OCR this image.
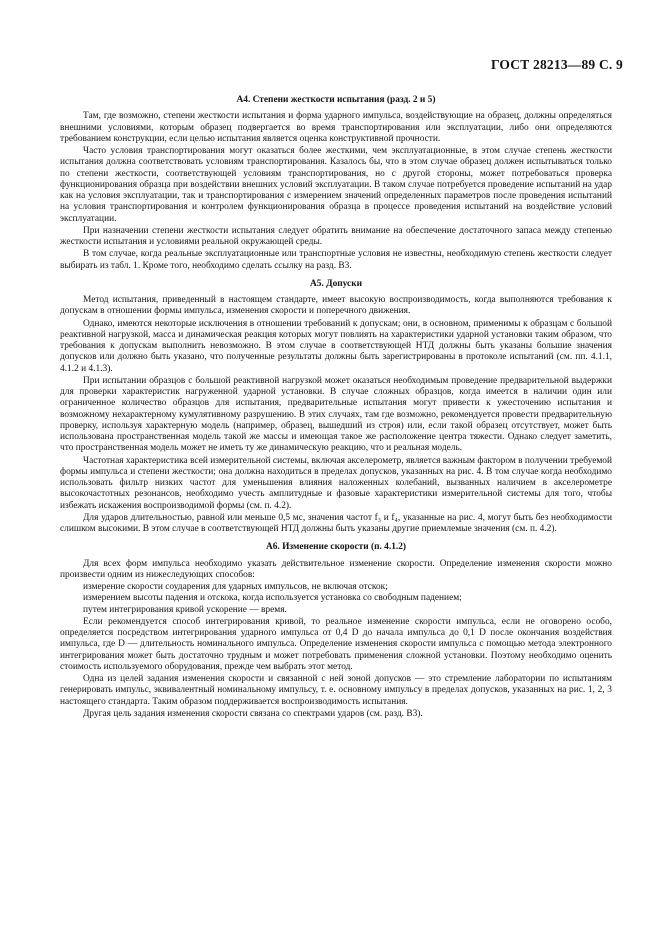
ГОСТ 28213—89 С. 9
А4. Степени жесткости испытания (разд. 2 и 5)

Там, где возможно, степени жесткости испытания и форма ударного импульса, воздействующие на образец, должны определяться внешними условиями, которым образец подвергается во время транспортирования или эксплуатации, либо они определяются требованием конструкции, если целью испытания является оценка конструктивной прочности.

Часто условия транспортирования могут оказаться более жесткими, чем эксплуатационные, в этом случае степень жесткости испытания должна соответствовать условиям транспортирования. Казалось бы, что в этом случае образец должен испытываться только по степени жесткости, соответствующей условиям транспортирования, но с другой стороны, может потребоваться проверка функционирования образца при воздействии внешних условий эксплуатации. В таком случае потребуется проведение испытаний на удар как на условия эксплуатации, так и транспортирования с измерением значений определенных параметров после проведения испытаний на условия транспортирования и контролем функционирования образца в процессе проведения испытаний на воздействие условий эксплуатации.

При назначении степени жесткости испытания следует обратить внимание на обеспечение достаточного запаса между степенью жесткости испытания и условиями реальной окружающей среды.

В том случае, когда реальные эксплуатационные или транспортные условия не известны, необходимую степень жесткости следует выбирать из табл. 1. Кроме того, необходимо сделать ссылку на разд. В3.

А5. Допуски

Метод испытания, приведенный в настоящем стандарте, имеет высокую воспроизводимость, когда выполняются требования к допускам в отношении формы импульса, изменения скорости и поперечного движения.

Однако, имеются некоторые исключения в отношении требований к допускам; они, в основном, применимы к образцам с большой реактивной нагрузкой, масса и динамическая реакция которых могут повлиять на характеристики ударной установки таким образом, что требования к допускам выполнить невозможно. В этом случае в соответствующей НТД должны быть указаны большие значения допусков или должно быть указано, что полученные результаты должны быть зарегистрированы в протоколе испытаний (см. пп. 4.1.1, 4.1.2 и 4.1.3).

При испытании образцов с большой реактивной нагрузкой может оказаться необходимым проведение предварительной выдержки для проверки характеристик нагруженной ударной установки. В случае сложных образцов, когда имеется в наличии один или ограниченное количество образцов для испытания, предварительные испытания могут привести к ужесточению испытания и возможному нехарактерному кумулятивному разрушению. В этих случаях, там где возможно, рекомендуется провести предварительную проверку, используя характерную модель (например, образец, вышедший из строя) или, если такой образец отсутствует, может быть использована пространственная модель такой же массы и имеющая такое же расположение центра тяжести. Однако следует заметить, что пространственная модель может не иметь ту же динамическую реакцию, что и реальная модель.

Частотная характеристика всей измерительной системы, включая акселерометр, является важным фактором в получении требуемой формы импульса и степени жесткости; она должна находиться в пределах допусков, указанных на рис. 4. В том случае когда необходимо использовать фильтр низких частот для уменьшения влияния наложенных колебаний, вызванных наличием в акселерометре высокочастотных резонансов, необходимо учесть амплитудные и фазовые характеристики измерительной системы для того, чтобы избежать искажения воспроизводимой формы (см. п. 4.2).

Для ударов длительностью, равной или меньше 0,5 мс, значения частот f₃ и f₄, указанные на рис. 4, могут быть без необходимости слишком высокими. В этом случае в соответствующей НТД должны быть указаны другие приемлемые значения (см. п. 4.2).

А6. Изменение скорости (п. 4.1.2)

Для всех форм импульса необходимо указать действительное изменение скорости. Определение изменения скорости можно произвести одним из нижеследующих способов:

измерение скорости соударения для ударных импульсов, не включая отскок;

измерением высоты падения и отскока, когда используется установка со свободным падением;

путем интегрирования кривой ускорение — время.

Если рекомендуется способ интегрирования кривой, то реальное изменение скорости импульса, если не оговорено особо, определяется посредством интегрирования ударного импульса от 0,4 D до начала импульса до 0,1 D после окончания воздействия импульса, где D — длительность номинального импульса. Определение изменения скорости импульса с помощью метода электронного интегрирования может быть достаточно трудным и может потребовать применения сложной установки. Поэтому необходимо оценить стоимость используемого оборудования, прежде чем выбрать этот метод.

Одна из целей задания изменения скорости и связанной с ней зоной допусков — это стремление лаборатории по испытаниям генерировать импульс, эквивалентный номинальному импульсу, т. е. основному импульсу в пределах допусков, указанных на рис. 1, 2, 3 настоящего стандарта. Таким образом поддерживается воспроизводимость испытания.

Другая цель задания изменения скорости связана со спектрами ударов (см. разд. В3).
